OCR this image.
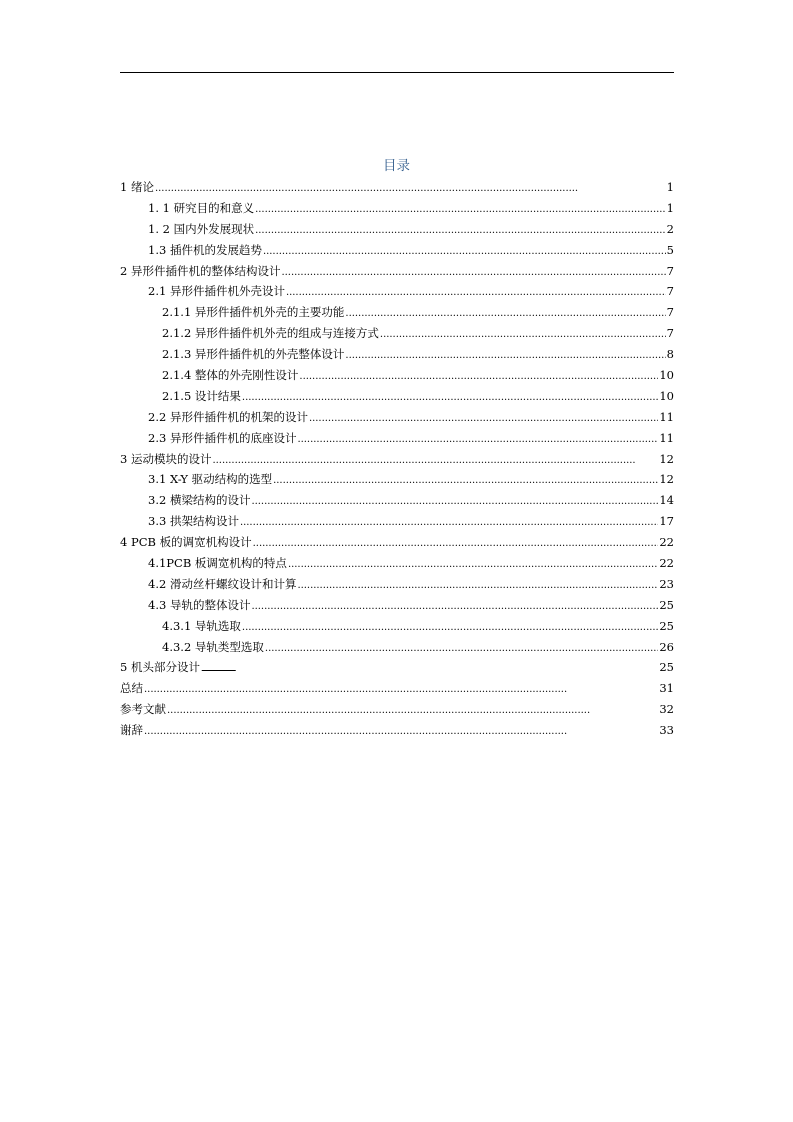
目录
1 绪论 . . .	1
1. 1 研究目的和意义 . . .	1
1. 2 国内外发展现状 . . .	2
1.3 插件机的发展趋势 . . .	5
2 异形件插件机的整体结构设计 . . .	7
2.1 异形件插件机外壳设计 . . .	7
2.1.1 异形件插件机外壳的主要功能 . . .	7
2.1.2 异形件插件机外壳的组成与连接方式 . . .	7
2.1.3 异形件插件机的外壳整体设计 . . .	8
2.1.4 整体的外壳刚性设计 . . .	10
2.1.5 设计结果 . . .	10
2.2 异形件插件机的机架的设计 . . .	11
2.3 异形件插件机的底座设计 . . .	11
3 运动模块的设计 . . .	12
3.1 X-Y 驱动结构的选型 . . .	12
3.2 横梁结构的设计 . . .	14
3.3 拱架结构设计 . . .	17
4 PCB 板的调宽机构设计 . . .	22
4.1PCB 板调宽机构的特点 . . .	22
4.2 滑动丝杆螺纹设计和计算 . . .	23
4.3 导轨的整体设计 . . .	25
4.3.1 导轨选取 . . .	25
4.3.2 导轨类型选取 . . .	26
5 机头部分设计 . . .	25
总结 . . .	31
参考文献 . . .	32
谢辞 . . .	33
